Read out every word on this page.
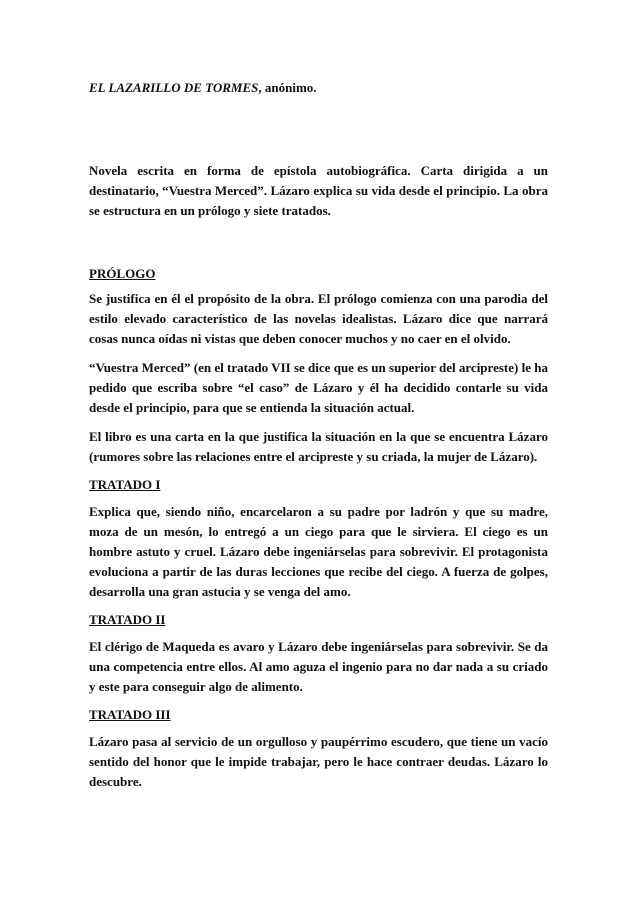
EL LAZARILLO DE TORMES, anónimo.

Novela escrita en forma de epístola autobiográfica. Carta dirigida a un destinatario, “Vuestra Merced”. Lázaro explica su vida desde el principio. La obra se estructura en un prólogo y siete tratados.

PRÓLOGO

Se justifica en él el propósito de la obra. El prólogo comienza con una parodia del estilo elevado característico de las novelas idealistas. Lázaro dice que narrará cosas nunca oídas ni vistas que deben conocer muchos y no caer en el olvido.

“Vuestra Merced” (en el tratado VII se dice que es un superior del arcipreste) le ha pedido que escriba sobre “el caso” de Lázaro y él ha decidido contarle su vida desde el principio, para que se entienda la situación actual.

El libro es una carta en la que justifica la situación en la que se encuentra Lázaro (rumores sobre las relaciones entre el arcipreste y su criada, la mujer de Lázaro).

TRATADO I

Explica que, siendo niño, encarcelaron a su padre por ladrón y que su madre, moza de un mesón, lo entregó a un ciego para que le sirviera. El ciego es un hombre astuto y cruel. Lázaro debe ingeniárselas para sobrevivir. El protagonista evoluciona a partir de las duras lecciones que recibe del ciego. A fuerza de golpes, desarrolla una gran astucia y se venga del amo.

TRATADO II

El clérigo de Maqueda es avaro y Lázaro debe ingeniárselas para sobrevivir. Se da una competencia entre ellos. Al amo aguza el ingenio para no dar nada a su criado y este para conseguir algo de alimento.

TRATADO III

Lázaro pasa al servicio de un orgulloso y paupérrimo escudero, que tiene un vacío sentido del honor que le impide trabajar, pero le hace contraer deudas. Lázaro lo descubre.
